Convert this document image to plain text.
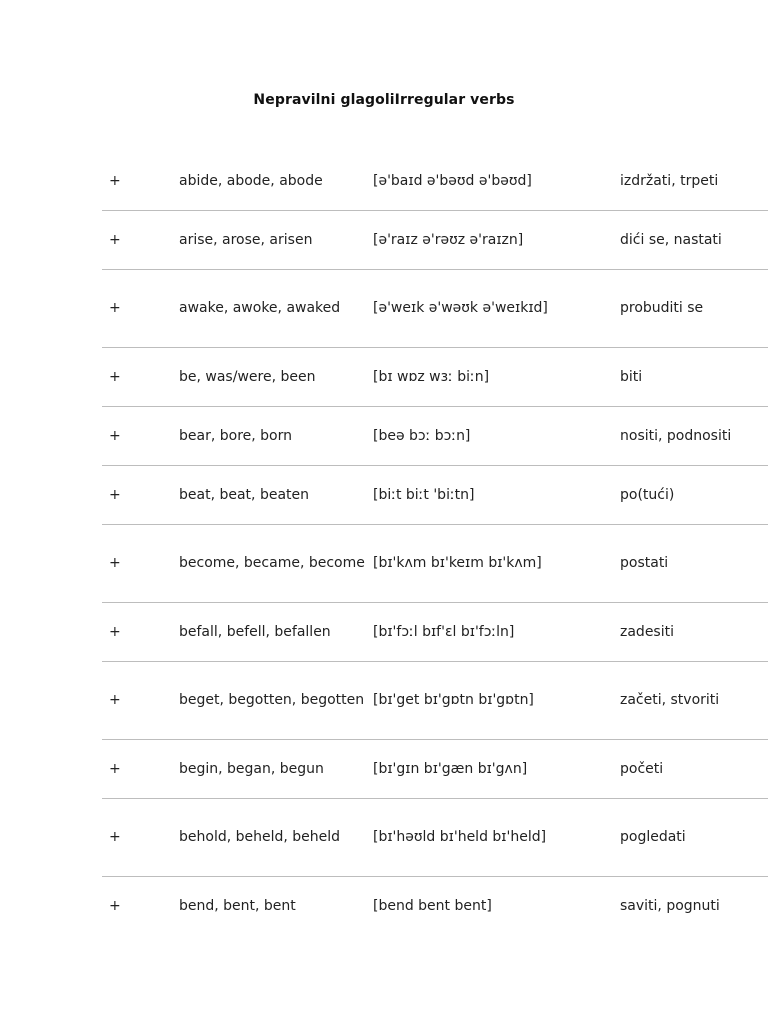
Nepravilni glagoliIrregular verbs
+	abide, abode, abode	[ə'baɪd ə'bəʊd ə'bəʊd]	izdržati, trpeti
+	arise, arose, arisen	[ə'raɪz ə'rəʊz ə'raɪzn]	dići se, nastati
+	awake, awoke, awaked	[ə'weɪk ə'wəʊk ə'weɪkɪd]	probuditi se
+	be, was/were, been	[bɪ wɒz wɜː biːn]	biti
+	bear, bore, born	[beə bɔː bɔːn]	nositi, podnositi
+	beat, beat, beaten	[biːt biːt 'biːtn]	po(tući)
+	become, became, become [bɪ'kʌm bɪ'keɪm bɪ'kʌm]	postati
+	befall, befell, befallen	[bɪ'fɔːl bɪf'ɛl bɪ'fɔːln]	zadesiti
+	beget, begotten, begotten [bɪ'get bɪ'gɒtn bɪ'gɒtn]	začeti, stvoriti
+	begin, began, begun	[bɪ'gɪn bɪ'gæn bɪ'gʌn]	početi
+	behold, beheld, beheld	[bɪ'həʊld bɪ'held bɪ'held]	pogledati
+	bend, bent, bent	[bend bent bent]	saviti, pognuti
